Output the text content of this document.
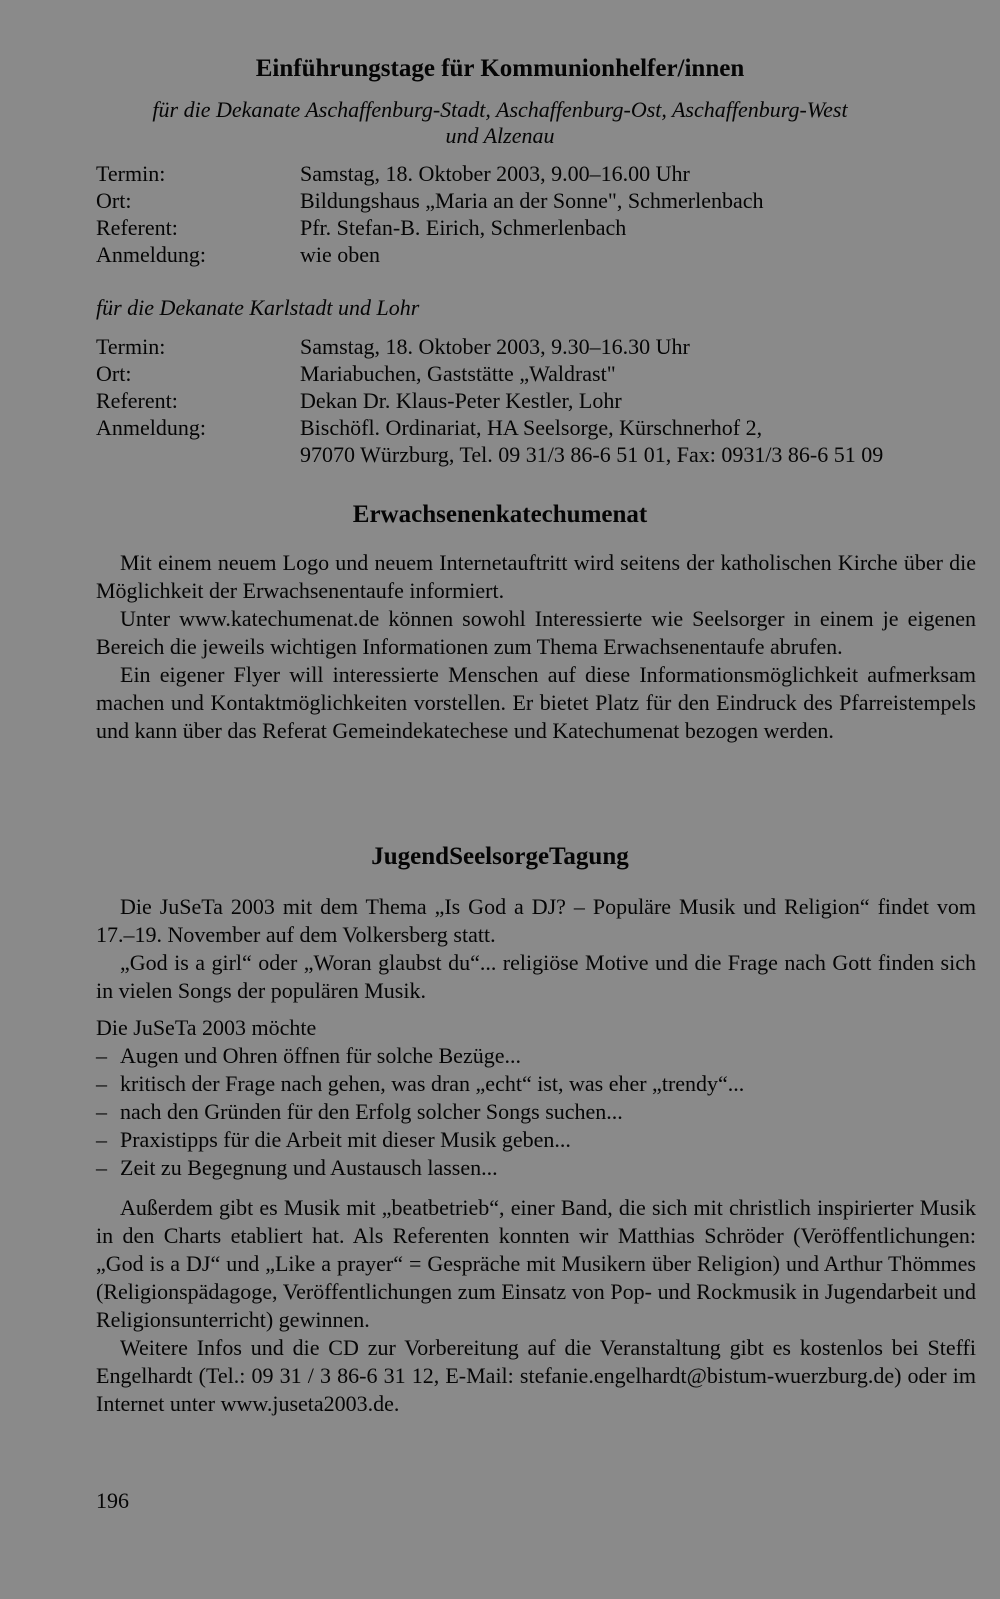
Einführungstage für Kommunionhelfer/innen
für die Dekanate Aschaffenburg-Stadt, Aschaffenburg-Ost, Aschaffenburg-West
und Alzenau
Termin:	Samstag, 18. Oktober 2003, 9.00–16.00 Uhr
Ort:	Bildungshaus „Maria an der Sonne", Schmerlenbach
Referent:	Pfr. Stefan-B. Eirich, Schmerlenbach
Anmeldung:	wie oben
für die Dekanate Karlstadt und Lohr
Termin:	Samstag, 18. Oktober 2003, 9.30–16.30 Uhr
Ort:	Mariabuchen, Gaststätte „Waldrast"
Referent:	Dekan Dr. Klaus-Peter Kestler, Lohr
Anmeldung:	Bischöfl. Ordinariat, HA Seelsorge, Kürschnerhof 2,
97070 Würzburg, Tel. 09 31/3 86-6 51 01, Fax: 0931/3 86-6 51 09
Erwachsenenkatechumenat

Mit einem neuem Logo und neuem Internetauftritt wird seitens der katholischen Kirche über die Möglichkeit der Erwachsenentaufe informiert.

Unter www.katechumenat.de können sowohl Interessierte wie Seelsorger in einem je eigenen Bereich die jeweils wichtigen Informationen zum Thema Erwachsenentaufe abrufen.

Ein eigener Flyer will interessierte Menschen auf diese Informationsmöglichkeit aufmerksam machen und Kontaktmöglichkeiten vorstellen. Er bietet Platz für den Eindruck des Pfarreistempels und kann über das Referat Gemeindekatechese und Katechumenat bezogen werden.

JugendSeelsorgeTagung

Die JuSeTa 2003 mit dem Thema „Is God a DJ? – Populäre Musik und Religion“ findet vom 17.–19. November auf dem Volkersberg statt.

„God is a girl“ oder „Woran glaubst du“... religiöse Motive und die Frage nach Gott finden sich in vielen Songs der populären Musik.

Die JuSeTa 2003 möchte

– Augen und Ohren öffnen für solche Bezüge...
– kritisch der Frage nach gehen, was dran „echt“ ist, was eher „trendy“...
– nach den Gründen für den Erfolg solcher Songs suchen...
– Praxistipps für die Arbeit mit dieser Musik geben...
– Zeit zu Begegnung und Austausch lassen...

Außerdem gibt es Musik mit „beatbetrieb“, einer Band, die sich mit christlich inspirierter Musik in den Charts etabliert hat. Als Referenten konnten wir Matthias Schröder (Veröffentlichungen: „God is a DJ“ und „Like a prayer“ = Gespräche mit Musikern über Religion) und Arthur Thömmes (Religionspädagoge, Veröffentlichungen zum Einsatz von Pop- und Rockmusik in Jugendarbeit und Religionsunterricht) gewinnen.

Weitere Infos und die CD zur Vorbereitung auf die Veranstaltung gibt es kostenlos bei Steffi Engelhardt (Tel.: 09 31 / 3 86-6 31 12, E-Mail: stefanie.engelhardt@bistum-wuerzburg.de) oder im Internet unter www.juseta2003.de.

196
